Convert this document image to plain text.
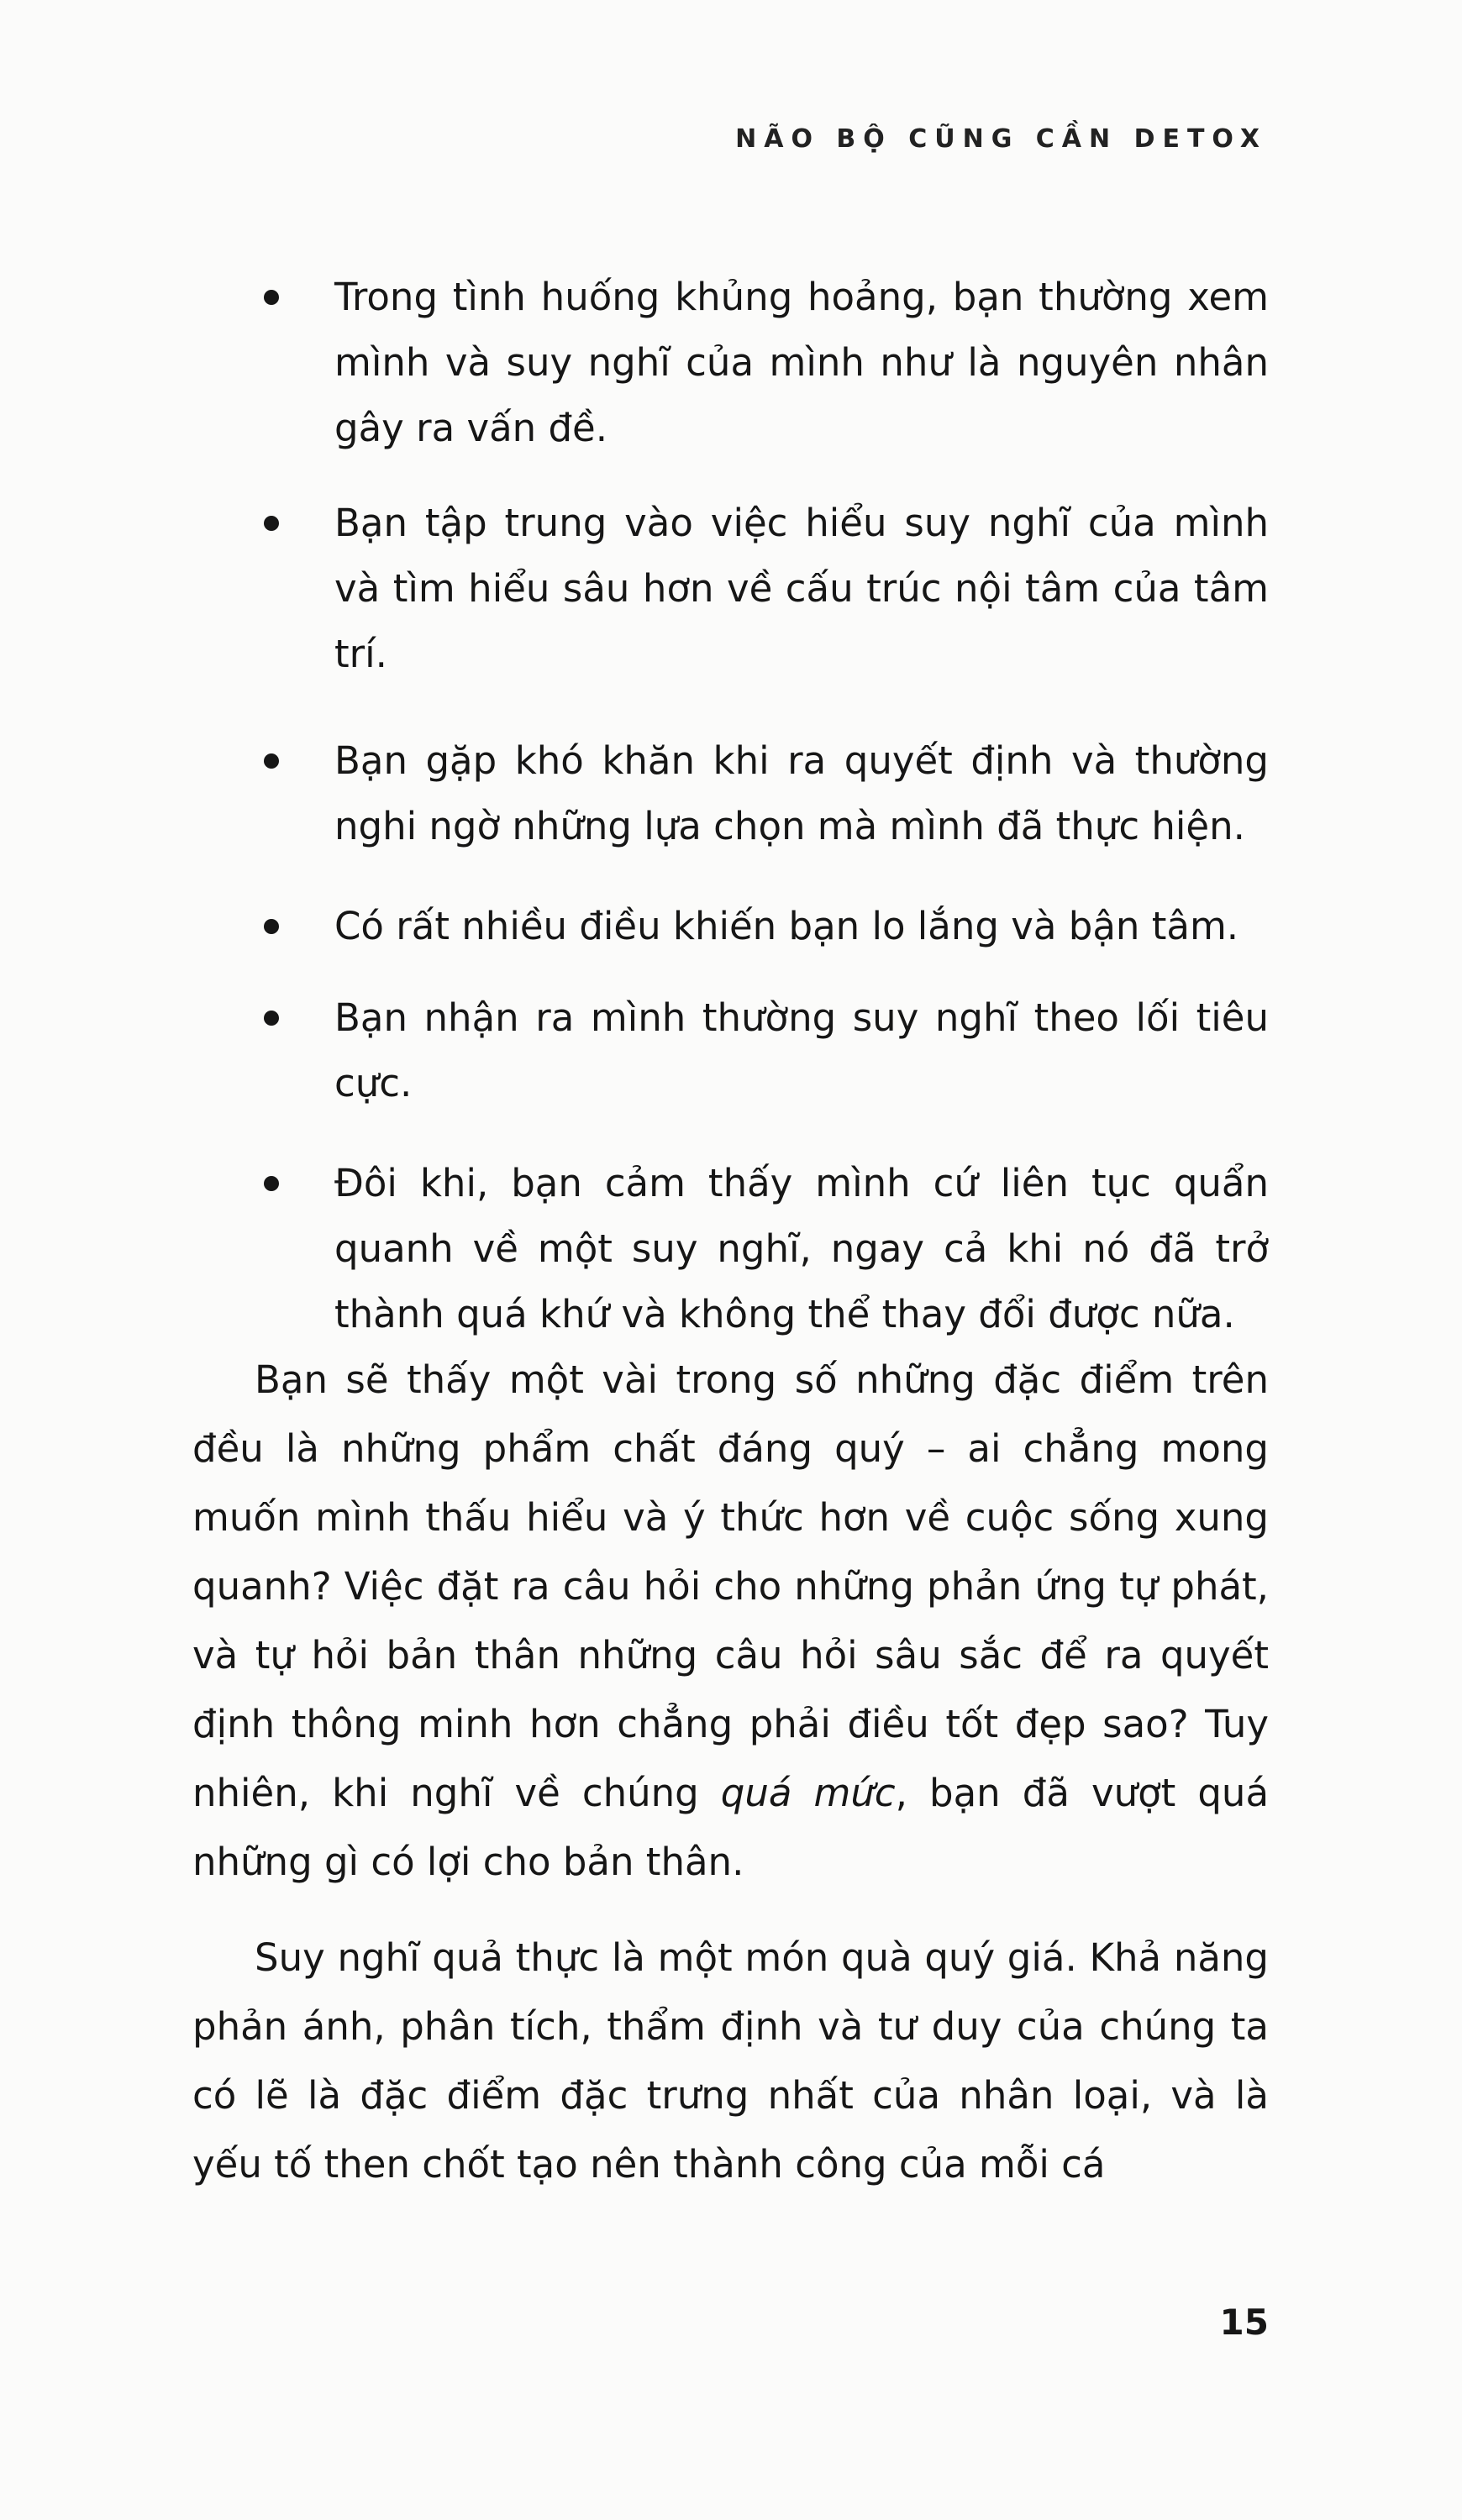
NÃO BỘ CŨNG CẦN DETOX
Trong tình huống khủng hoảng, bạn thường xem mình và suy nghĩ của mình như là nguyên nhân gây ra vấn đề.
Bạn tập trung vào việc hiểu suy nghĩ của mình và tìm hiểu sâu hơn về cấu trúc nội tâm của tâm trí.
Bạn gặp khó khăn khi ra quyết định và thường nghi ngờ những lựa chọn mà mình đã thực hiện.
Có rất nhiều điều khiến bạn lo lắng và bận tâm.
Bạn nhận ra mình thường suy nghĩ theo lối tiêu cực.
Đôi khi, bạn cảm thấy mình cứ liên tục quẩn quanh về một suy nghĩ, ngay cả khi nó đã trở thành quá khứ và không thể thay đổi được nữa.

Bạn sẽ thấy một vài trong số những đặc điểm trên đều là những phẩm chất đáng quý – ai chẳng mong muốn mình thấu hiểu và ý thức hơn về cuộc sống xung quanh? Việc đặt ra câu hỏi cho những phản ứng tự phát, và tự hỏi bản thân những câu hỏi sâu sắc để ra quyết định thông minh hơn chẳng phải điều tốt đẹp sao? Tuy nhiên, khi nghĩ về chúng quá mức, bạn đã vượt quá những gì có lợi cho bản thân.

Suy nghĩ quả thực là một món quà quý giá. Khả năng phản ánh, phân tích, thẩm định và tư duy của chúng ta có lẽ là đặc điểm đặc trưng nhất của nhân loại, và là yếu tố then chốt tạo nên thành công của mỗi cá

15
